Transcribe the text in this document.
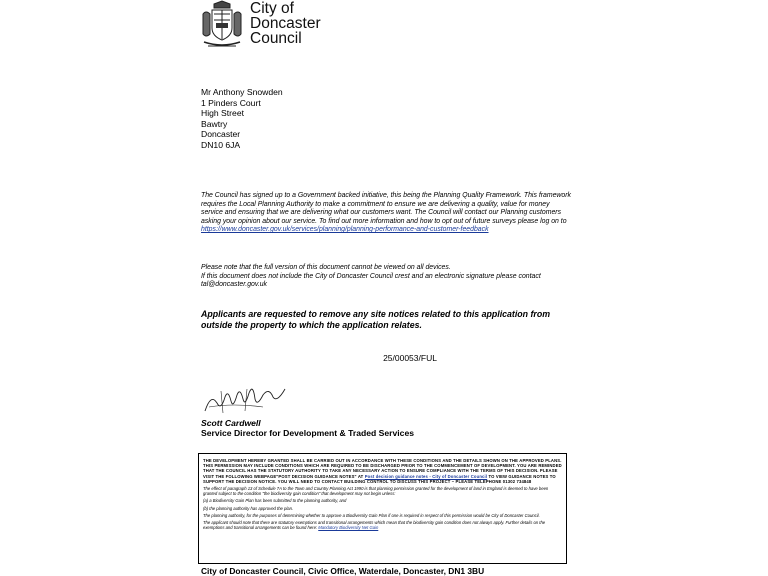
City of
Doncaster
Council
Mr Anthony Snowden
1 Pinders Court
High Street
Bawtry
Doncaster
DN10 6JA
The Council has signed up to a Government backed initiative, this being the Planning Quality Framework. This framework requires the Local Planning Authority to make a commitment to ensure we are delivering a quality, value for money service and ensuring that we are delivering what our customers want. The Council will contact our Planning customers asking your opinion about our service. To find out more information and how to opt out of future surveys please log on to
https://www.doncaster.gov.uk/services/planning/planning-performance-and-customer-feedback
Please note that the full version of this document cannot be viewed on all devices.
If this document does not include the City of Doncaster Council crest and an electronic signature please contact tal@doncaster.gov.uk
Applicants are requested to remove any site notices related to this application from outside the property to which the application relates.
25/00053/FUL
Scott Cardwell
Service Director for Development & Traded Services
THE DEVELOPMENT HEREBY GRANTED SHALL BE CARRIED OUT IN ACCORDANCE WITH THESE CONDITIONS AND THE DETAILS SHOWN ON THE APPROVED PLANS. THIS PERMISSION MAY INCLUDE CONDITIONS WHICH ARE REQUIRED TO BE DISCHARGED PRIOR TO THE COMMENCEMENT OF DEVELOPMENT. YOU ARE REMINDED THAT THE COUNCIL HAS THE STATUTORY AUTHORITY TO TAKE ANY NECESSARY ACTION TO ENSURE COMPLIANCE WITH THE TERMS OF THIS DECISION. PLEASE VISIT THE FOLLOWING WEBPAGE"POST DECISION GUIDANCE NOTES" AT Post decision guidance notes - City of Doncaster Council TO VIEW GUIDANCE NOTES TO SUPPORT THE DECISION NOTICE. YOU WILL NEED TO CONTACT BUILDING CONTROL TO DISCUSS THIS PROJECT – PLEASE TELEPHONE 01302 734848
The effect of paragraph 13 of Schedule 7A to the Town and Country Planning Act 1990 is that planning permission granted for the development of land in England is deemed to have been granted subject to the condition "the biodiversity gain condition" that development may not begin unless:
(a) a Biodiversity Gain Plan has been submitted to the planning authority, and
(b) the planning authority has approved the plan.
The planning authority, for the purposes of determining whether to approve a Biodiversity Gain Plan if one is required in respect of this permission would be City of Doncaster Council.
The applicant should note that there are statutory exemptions and transitional arrangements which mean that the biodiversity gain condition does not always apply. Further details on the exemptions and transitional arrangements can be found here: Mandatory Biodiversity Net Gain
City of Doncaster Council, Civic Office, Waterdale, Doncaster, DN1 3BU
